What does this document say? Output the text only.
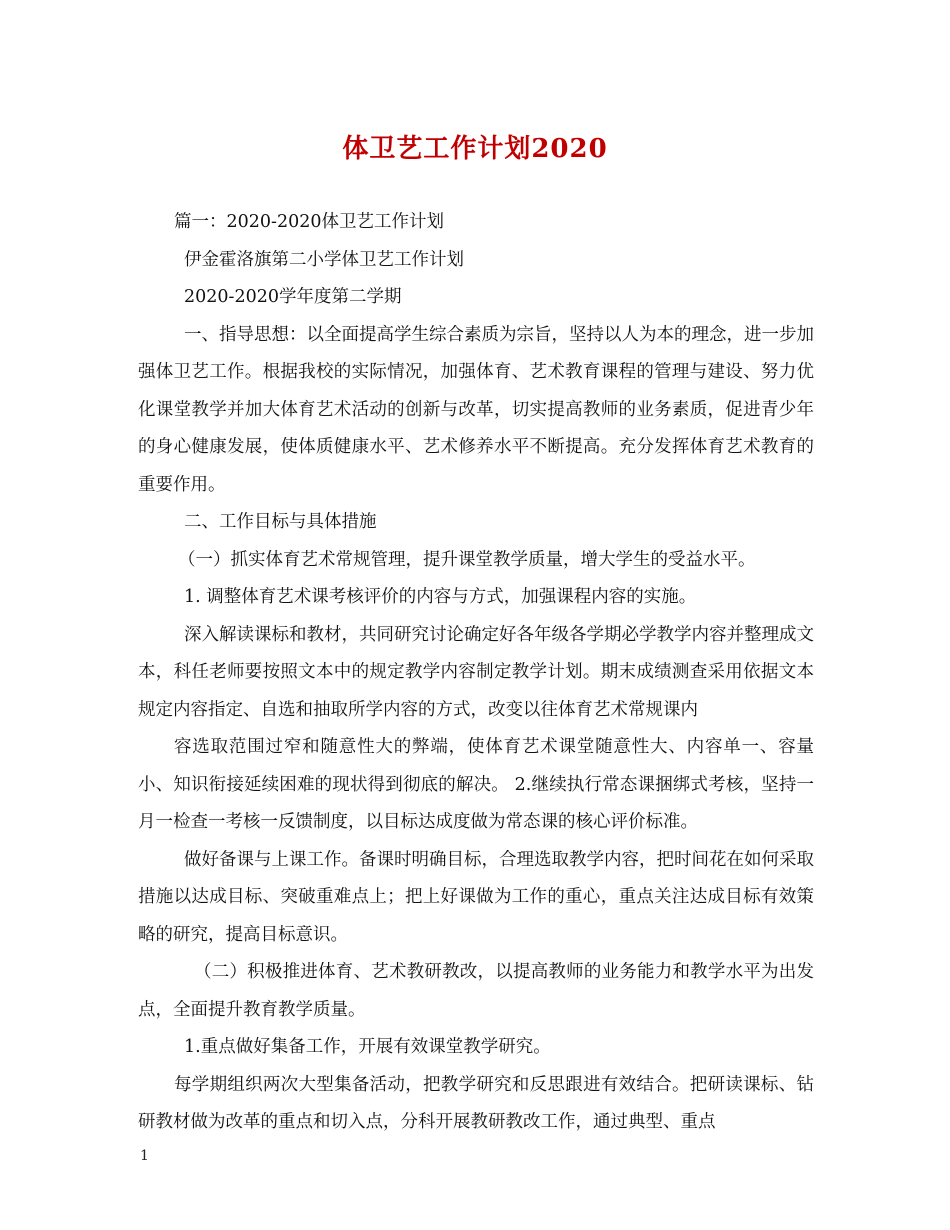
体卫艺工作计划2020

篇一：2020-2020体卫艺工作计划

伊金霍洛旗第二小学体卫艺工作计划

2020-2020学年度第二学期

一、指导思想：以全面提高学生综合素质为宗旨，坚持以人为本的理念，进一步加强体卫艺工作。根据我校的实际情况，加强体育、艺术教育课程的管理与建设、努力优化课堂教学并加大体育艺术活动的创新与改革，切实提高教师的业务素质，促进青少年的身心健康发展，使体质健康水平、艺术修养水平不断提高。充分发挥体育艺术教育的重要作用。

二、工作目标与具体措施

（一）抓实体育艺术常规管理，提升课堂教学质量，增大学生的受益水平。

1. 调整体育艺术课考核评价的内容与方式，加强课程内容的实施。

深入解读课标和教材，共同研究讨论确定好各年级各学期必学教学内容并整理成文本，科任老师要按照文本中的规定教学内容制定教学计划。期末成绩测查采用依据文本规定内容指定、自选和抽取所学内容的方式，改变以往体育艺术常规课内

容选取范围过窄和随意性大的弊端，使体育艺术课堂随意性大、内容单一、容量小、知识衔接延续困难的现状得到彻底的解决。 2.继续执行常态课捆绑式考核，坚持一月一检查一考核一反馈制度，以目标达成度做为常态课的核心评价标准。

做好备课与上课工作。备课时明确目标，合理选取教学内容，把时间花在如何采取措施以达成目标、突破重难点上；把上好课做为工作的重心，重点关注达成目标有效策略的研究，提高目标意识。

（二）积极推进体育、艺术教研教改，以提高教师的业务能力和教学水平为出发点，全面提升教育教学质量。

1.重点做好集备工作，开展有效课堂教学研究。

每学期组织两次大型集备活动，把教学研究和反思跟进有效结合。把研读课标、钻研教材做为改革的重点和切入点，分科开展教研教改工作，通过典型、重点

1
